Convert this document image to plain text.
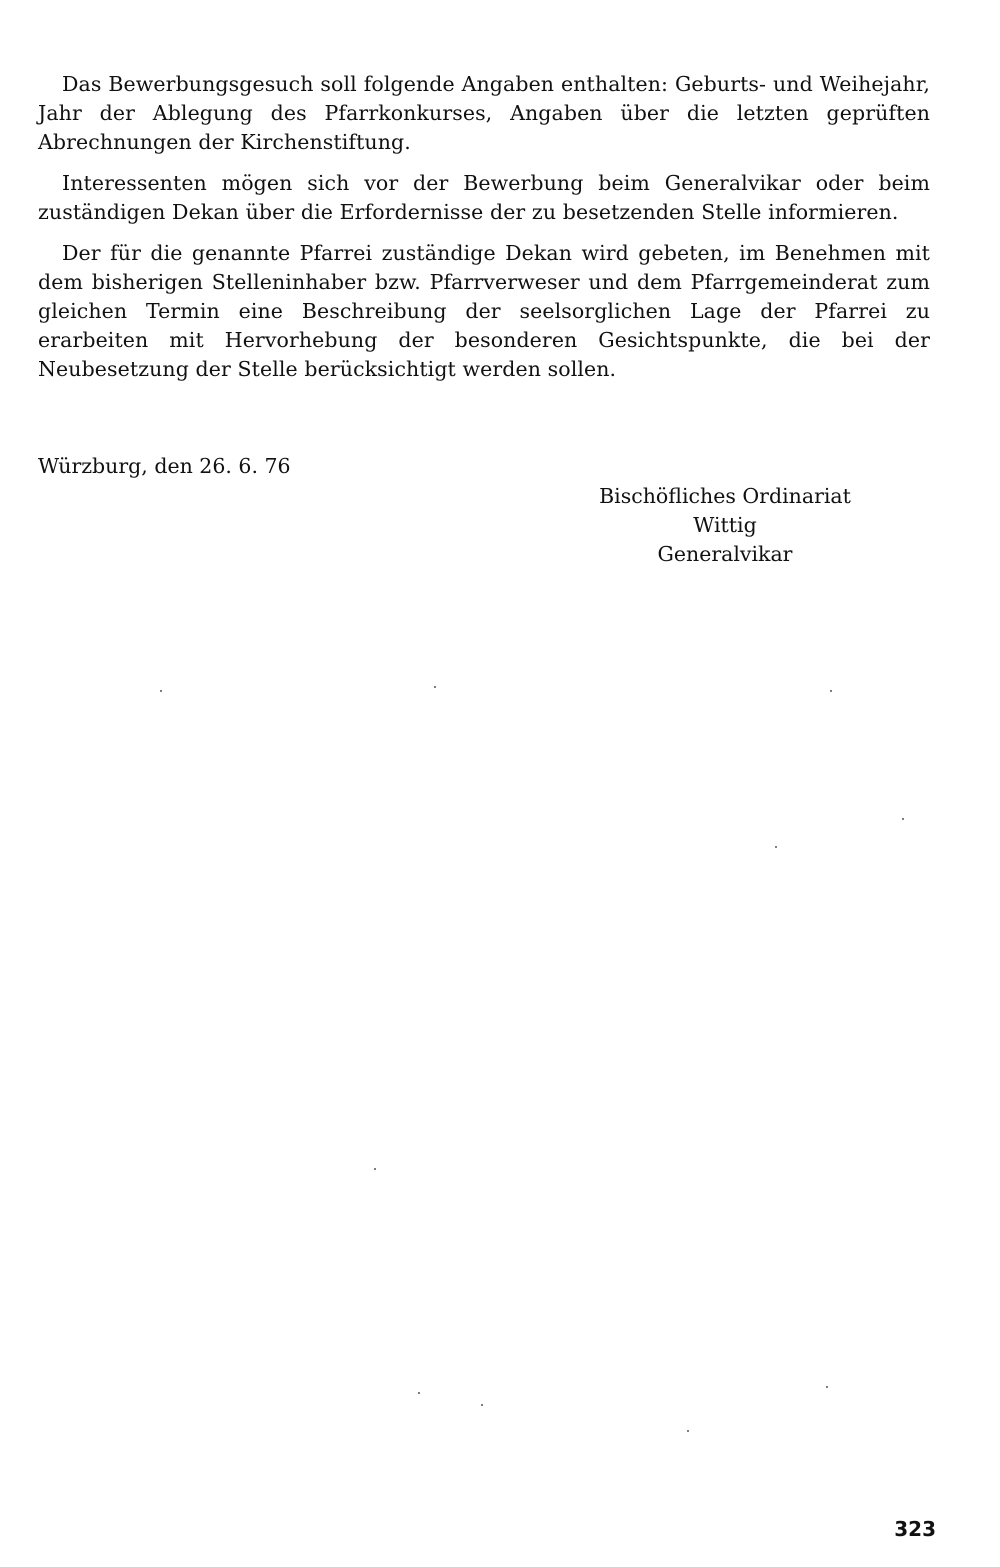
Das Bewerbungsgesuch soll folgende Angaben enthalten: Geburts- und Weihejahr, Jahr der Ablegung des Pfarrkonkurses, Angaben über die letzten geprüften Abrechnungen der Kirchenstiftung.

Interessenten mögen sich vor der Bewerbung beim Generalvikar oder beim zuständigen Dekan über die Erfordernisse der zu besetzenden Stelle informieren.

Der für die genannte Pfarrei zuständige Dekan wird gebeten, im Benehmen mit dem bisherigen Stelleninhaber bzw. Pfarrverweser und dem Pfarrgemeinderat zum gleichen Termin eine Beschreibung der seelsorglichen Lage der Pfarrei zu erarbeiten mit Hervorhebung der besonderen Gesichtspunkte, die bei der Neubesetzung der Stelle berücksichtigt werden sollen.

Würzburg, den 26. 6. 76

Bischöfliches Ordinariat
Wittig
Generalvikar

323
